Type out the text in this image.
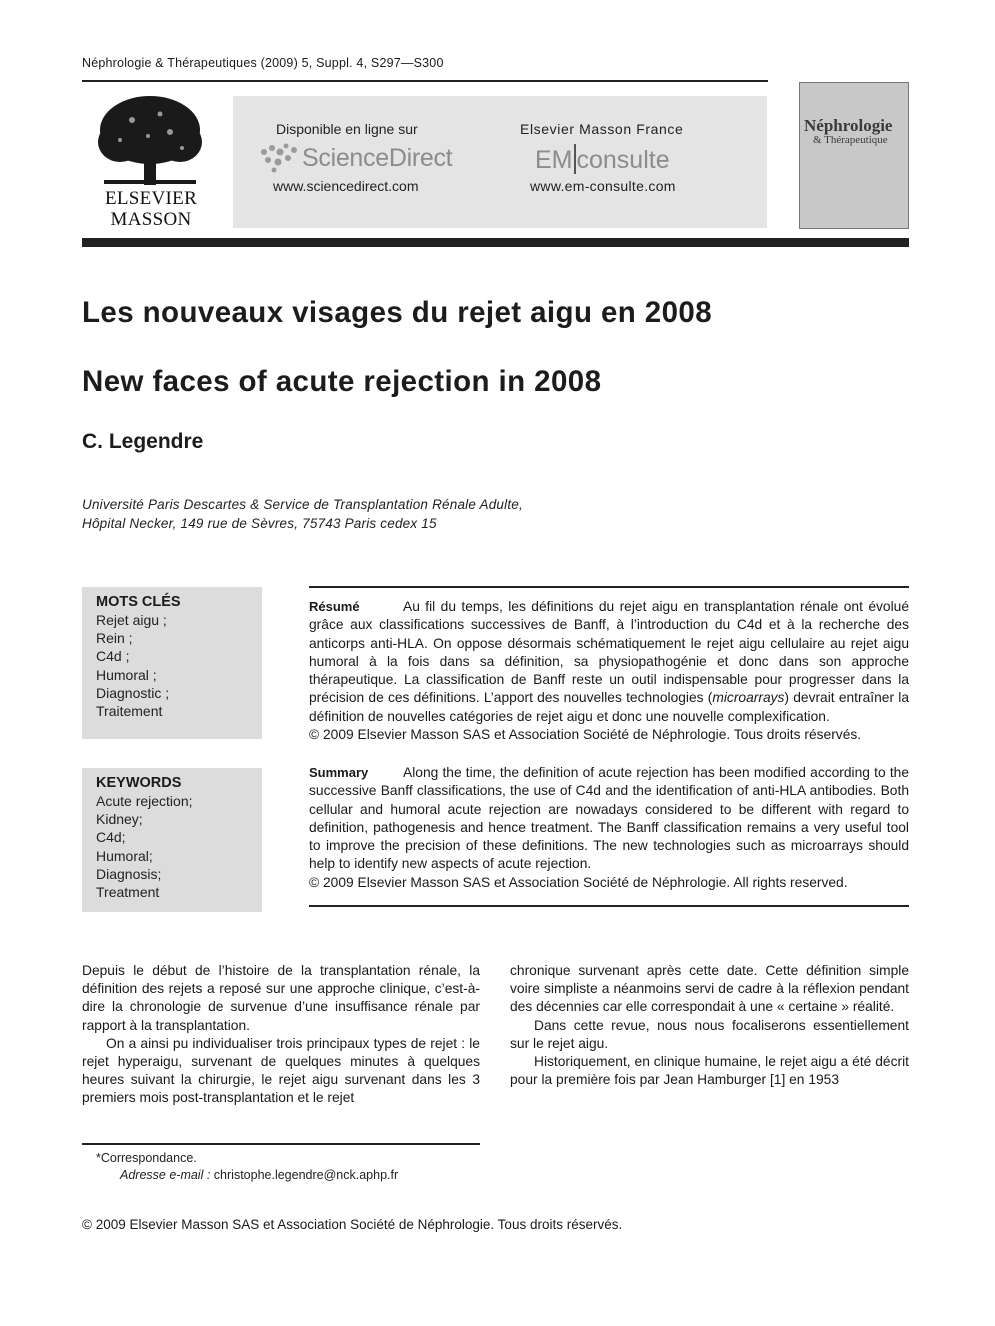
Néphrologie & Thérapeutiques (2009) 5, Suppl. 4, S297—S300
ELSEVIER
MASSON
Disponible en ligne sur
ScienceDirect
www.sciencedirect.com
Elsevier Masson France
EM consulte
www.em-consulte.com
Néphrologie
& Thérapeutique
Les nouveaux visages du rejet aigu en 2008
New faces of acute rejection in 2008
C. Legendre
Université Paris Descartes & Service de Transplantation Rénale Adulte,
Hôpital Necker, 149 rue de Sèvres, 75743 Paris cedex 15
MOTS CLÉS
Rejet aigu ;
Rein ;
C4d ;
Humoral ;
Diagnostic ;
Traitement
KEYWORDS
Acute rejection;
Kidney;
C4d;
Humoral;
Diagnosis;
Treatment
Résumé	Au fil du temps, les définitions du rejet aigu en transplantation rénale ont évolué grâce aux classifications successives de Banff, à l’introduction du C4d et à la recherche des anticorps anti-HLA. On oppose désormais schématiquement le rejet aigu cellulaire au rejet aigu humoral à la fois dans sa définition, sa physiopathogénie et donc dans son approche thérapeutique. La classification de Banff reste un outil indispensable pour progresser dans la précision de ces définitions. L’apport des nouvelles technologies (microarrays) devrait entraîner la définition de nouvelles catégories de rejet aigu et donc une nouvelle complexification.
© 2009 Elsevier Masson SAS et Association Société de Néphrologie. Tous droits réservés.
Summary	Along the time, the definition of acute rejection has been modified according to the successive Banff classifications, the use of C4d and the identification of anti-HLA antibodies. Both cellular and humoral acute rejection are nowadays considered to be different with regard to definition, pathogenesis and hence treatment. The Banff classification remains a very useful tool to improve the precision of these definitions. The new technologies such as microarrays should help to identify new aspects of acute rejection.
© 2009 Elsevier Masson SAS et Association Société de Néphrologie. All rights reserved.

Depuis le début de l’histoire de la transplantation rénale, la définition des rejets a reposé sur une approche clinique, c’est-à-dire la chronologie de survenue d’une insuffisance rénale par rapport à la transplantation.

On a ainsi pu individualiser trois principaux types de rejet : le rejet hyperaigu, survenant de quelques minutes à quelques heures suivant la chirurgie, le rejet aigu survenant dans les 3 premiers mois post-transplantation et le rejet

chronique survenant après cette date. Cette définition simple voire simpliste a néanmoins servi de cadre à la réflexion pendant des décennies car elle correspondait à une « certaine » réalité.

Dans cette revue, nous nous focaliserons essentiellement sur le rejet aigu.

Historiquement, en clinique humaine, le rejet aigu a été décrit pour la première fois par Jean Hamburger [1] en 1953

*Correspondance.
Adresse e-mail : christophe.legendre@nck.aphp.fr
© 2009 Elsevier Masson SAS et Association Société de Néphrologie. Tous droits réservés.
